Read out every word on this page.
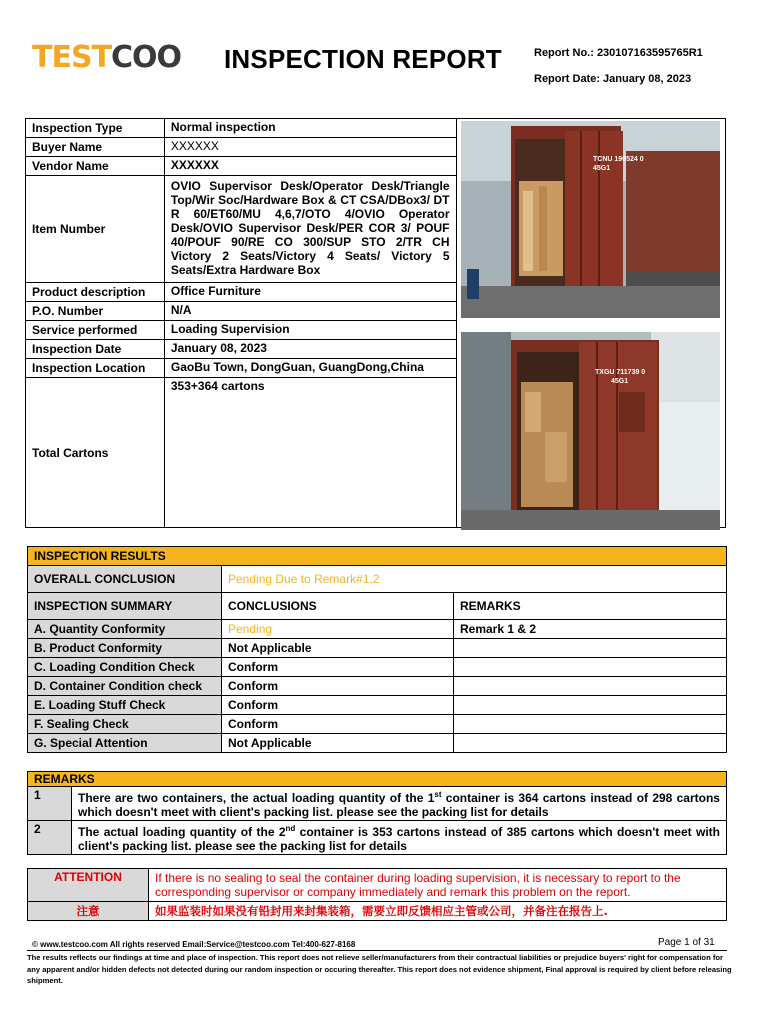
TESTCOO INSPECTION REPORT	Report No.: 230107163595765R1
Report Date: January 08, 2023
Inspection Type	Normal inspection	TCNU 190524 0
45G1
TXGU 711739 0
45G1

Buyer Name	XXXXXX	
Vendor Name	XXXXXX	
Item Number	OVIO Supervisor Desk/Operator Desk/Triangle Top/Wir Soc/Hardware Box & CT CSA/DBox3/ DT R 60/ET60/MU 4,6,7/OTO 4/OVIO Operator Desk/OVIO Supervisor Desk/PER COR 3/ POUF 40/POUF 90/RE CO 300/SUP STO 2/TR CH Victory 2 Seats/Victory 4 Seats/ Victory 5 Seats/Extra Hardware Box	
Product description	Office Furniture	
P.O. Number	N/A	
Service performed	Loading Supervision	
Inspection Date	January 08, 2023	
Inspection Location	GaoBu Town, DongGuan, GuangDong,China	
Total Cartons	353+364 cartons	
INSPECTION RESULTS		
OVERALL CONCLUSION	Pending Due to Remark#1,2	
INSPECTION SUMMARY	CONCLUSIONS	REMARKS
A. Quantity Conformity	Pending	Remark 1 & 2
B. Product Conformity	Not Applicable	
C. Loading Condition Check	Conform	
D. Container Condition check	Conform	
E. Loading Stuff Check	Conform	
F. Sealing Check	Conform	
G. Special Attention	Not Applicable	
REMARKS	
1	There are two containers, the actual loading quantity of the 1st container is 364 cartons instead of 298 cartons which doesn't meet with client's packing list. please see the packing list for details
2	The actual loading quantity of the 2nd container is 353 cartons instead of 385 cartons which doesn't meet with client's packing list. please see the packing list for details
ATTENTION	If there is no sealing to seal the container during loading supervision, it is necessary to report to the corresponding supervisor or company immediately and remark this problem on the report.
注意	如果监装时如果没有铅封用来封集装箱，需要立即反馈相应主管或公司，并备注在报告上.
© www.testcoo.com All rights reserved Email:Service@testcoo.com Tel:400-627-8168	Page 1 of 31
The results reflects our findings at time and place of inspection. This report does not relieve seller/manufacturers from their contractual liabilities or prejudice buyers' right for compensation for any apparent and/or hidden defects not detected during our random inspection or occuring thereafter. This report does not evidence shipment, Final approval is required by client before releasing shipment.
